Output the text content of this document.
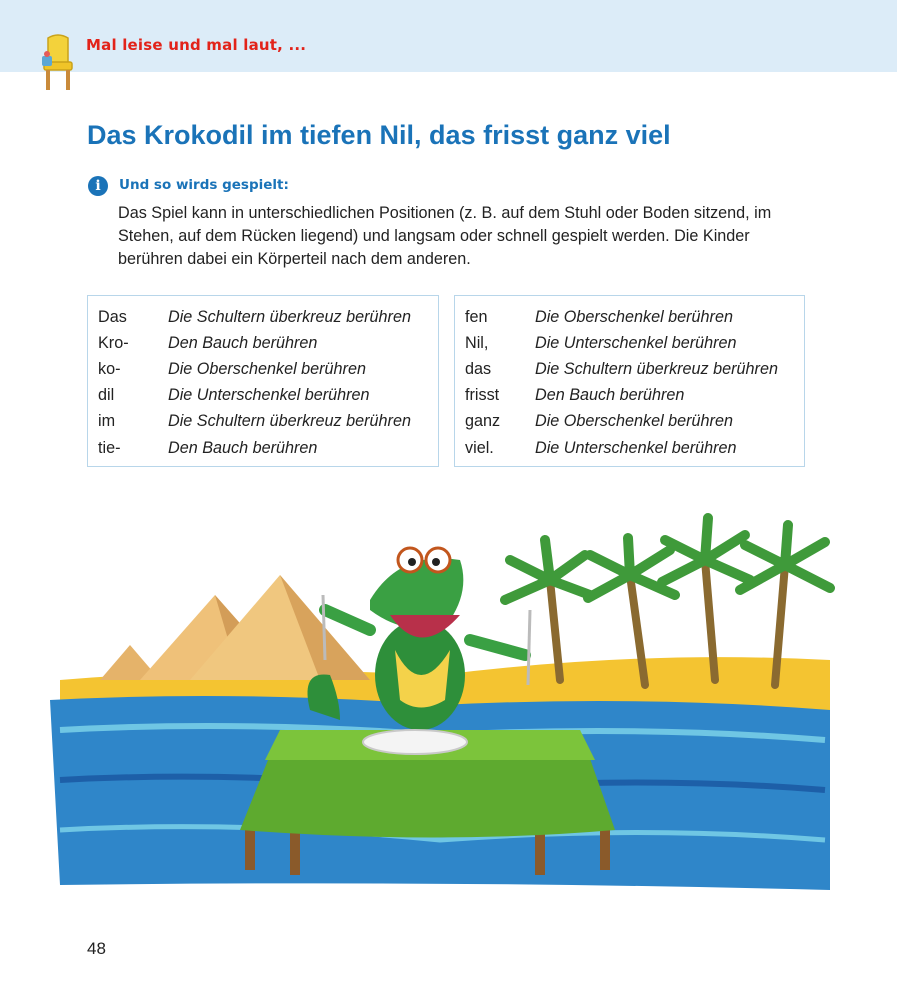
Mal leise und mal laut, ...
Das Krokodil im tiefen Nil, das frisst ganz viel
i	Und so wirds gespielt:

Das Spiel kann in unterschiedlichen Positionen (z. B. auf dem Stuhl oder Boden sitzend, im Stehen, auf dem Rücken liegend) und langsam oder schnell gespielt werden. Die Kinder berühren dabei ein Körperteil nach dem anderen.

Das	Die Schultern überkreuz berühren
Kro-	Den Bauch berühren
ko-	Die Oberschenkel berühren
dil	Die Unterschenkel berühren
im	Die Schultern überkreuz berühren
tie-	Den Bauch berühren
fen	Die Oberschenkel berühren
Nil,	Die Unterschenkel berühren
das	Die Schultern überkreuz berühren
frisst	Den Bauch berühren
ganz	Die Oberschenkel berühren
viel.	Die Unterschenkel berühren
48
